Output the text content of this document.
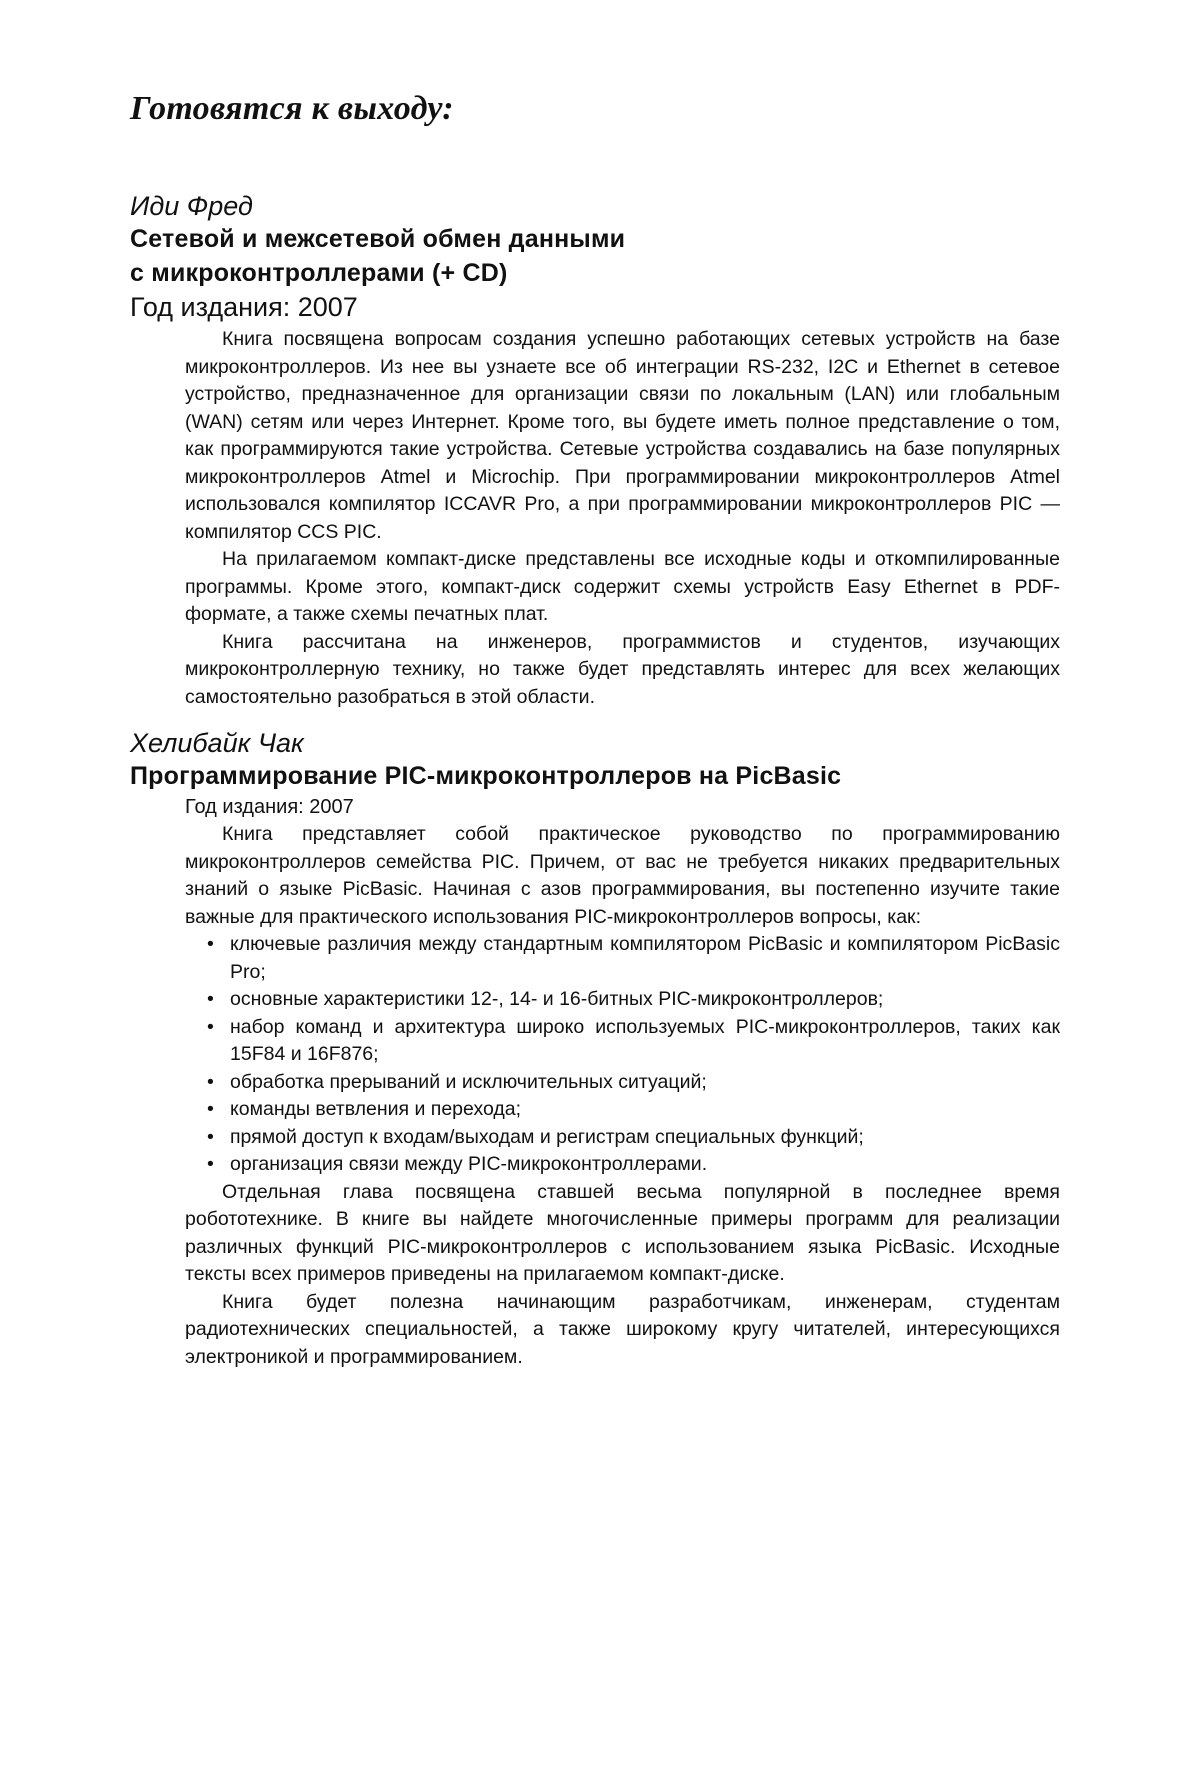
Готовятся к выходу:

Иди Фред

Сетевой и межсетевой обмен данными

с микроконтроллерами (+ CD)

Год издания: 2007

Книга посвящена вопросам создания успешно работающих сетевых устройств на базе микроконтроллеров. Из нее вы узнаете все об интеграции RS-232, I2C и Ethernet в сетевое устройство, предназначенное для организации связи по локальным (LAN) или глобальным (WAN) сетям или через Интернет. Кроме того, вы будете иметь полное представление о том, как программируются такие устройства. Сетевые устройства создавались на базе популярных микроконтроллеров Atmel и Microchip. При программировании микроконтроллеров Atmel использовался компилятор ICCAVR Pro, а при программировании микроконтроллеров PIC — компилятор CCS PIC.

На прилагаемом компакт-диске представлены все исходные коды и откомпилированные программы. Кроме этого, компакт-диск содержит схемы устройств Easy Ethernet в PDF-формате, а также схемы печатных плат.

Книга рассчитана на инженеров, программистов и студентов, изучающих микроконтроллерную технику, но также будет представлять интерес для всех желающих самостоятельно разобраться в этой области.

Хелибайк Чак

Программирование PIC-микроконтроллеров на PicBasic

Год издания: 2007

Книга представляет собой практическое руководство по программированию микроконтроллеров семейства PIC. Причем, от вас не требуется никаких предварительных знаний о языке PicBasic. Начиная с азов программирования, вы постепенно изучите такие важные для практического использования PIC-микроконтроллеров вопросы, как:

• ключевые различия между стандартным компилятором PicBasic и компилятором PicBasic Pro;
• основные характеристики 12-, 14- и 16-битных PIC-микроконтроллеров;
• набор команд и архитектура широко используемых PIC-микроконтроллеров, таких как 15F84 и 16F876;
• обработка прерываний и исключительных ситуаций;
• команды ветвления и перехода;
• прямой доступ к входам/выходам и регистрам специальных функций;
• организация связи между PIC-микроконтроллерами.

Отдельная глава посвящена ставшей весьма популярной в последнее время робототехнике. В книге вы найдете многочисленные примеры программ для реализации различных функций PIC-микроконтроллеров с использованием языка PicBasic. Исходные тексты всех примеров приведены на прилагаемом компакт-диске.

Книга будет полезна начинающим разработчикам, инженерам, студентам радиотехнических специальностей, а также широкому кругу читателей, интересующихся электроникой и программированием.
